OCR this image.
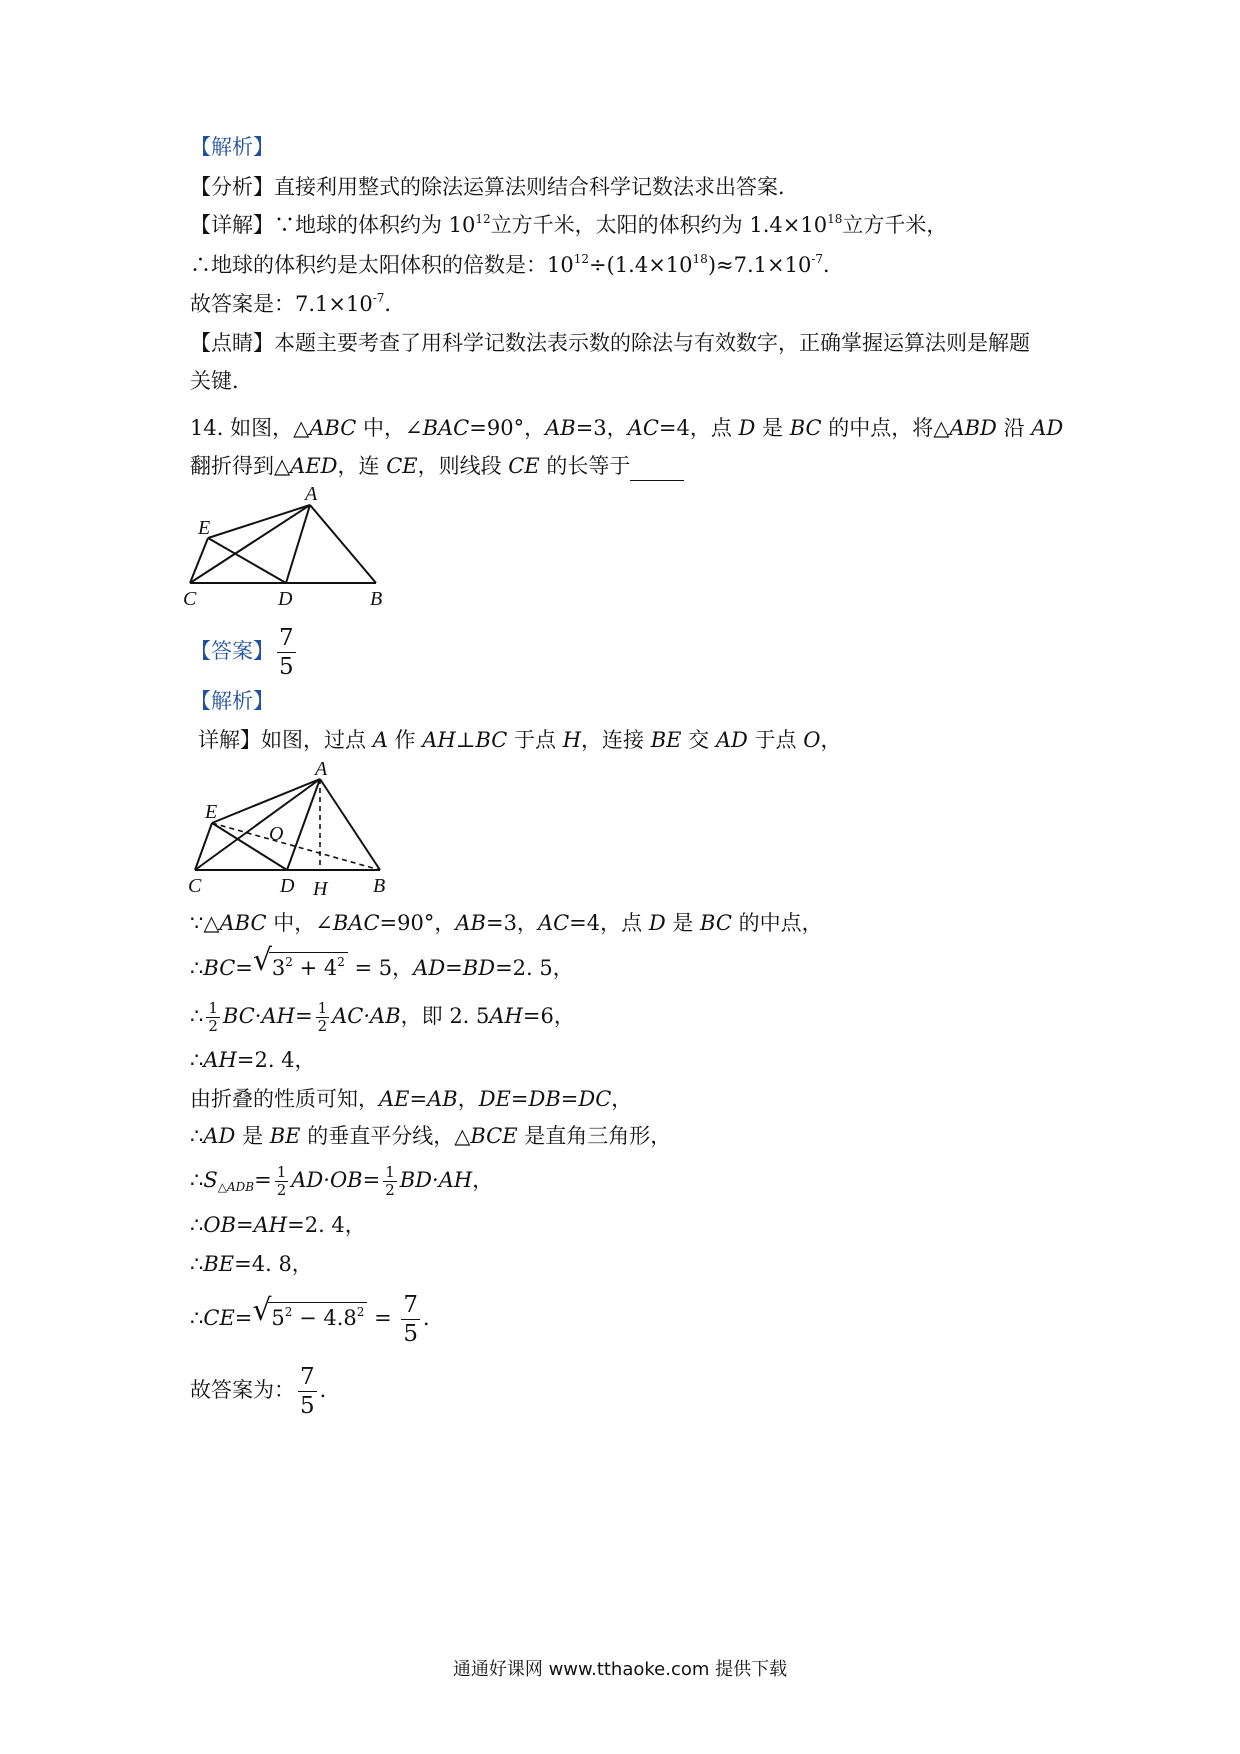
【解析】
【分析】直接利用整式的除法运算法则结合科学记数法求出答案．
【详解】∵地球的体积约为 $10^{12}$立方千米，太阳的体积约为 $1.4\times 10^{18}$立方千米，
∴地球的体积约是太阳体积的倍数是：$10^{12}\div(1.4\times 10^{18})\approx 7.1\times 10^{-7}$．
故答案是：$7.1\times 10^{-7}$．
【点睛】本题主要考查了用科学记数法表示数的除法与有效数字，正确掌握运算法则是解题
关键．
14. 如图，△ABC 中，∠BAC=90°，AB=3，AC=4，点 D 是 BC 的中点，将△ABD 沿 AD
翻折得到△AED，连 CE，则线段 CE 的长等于
A
E
C	D	B
【答案】 $\frac{7}{5}$
【解析】
详解】如图，过点 A 作 AH⊥BC 于点 H，连接 BE 交 AD 于点 O，
A
E
O
C	D H B
∵△ABC 中，∠BAC=90°，AB=3，AC=4，点 D 是 BC 的中点，
∴BC= √ $3^2 + 4^2 = 5$，AD=BD=2. 5，
∴ $\frac{1}{2} BC\cdot AH= \frac{1}{2} AC\cdot AB$，即 2. 5AH=6，
∴AH=2. 4，
由折叠的性质可知，AE=AB，DE=DB=DC，
∴AD 是 BE 的垂直平分线，△BCE 是直角三角形，
$\therefore S_{\triangle ADB}= \frac{1}{2} AD\cdot OB= \frac{1}{2} BD\cdot AH$，
∴OB=AH=2. 4，
∴BE=4. 8，
∴CE= √ $5^2 - 4.8^2 = \frac{7}{5}$ ．
故答案为： $\frac{7}{5}$ ．
通通好课网 www.tthaoke.com 提供下载
